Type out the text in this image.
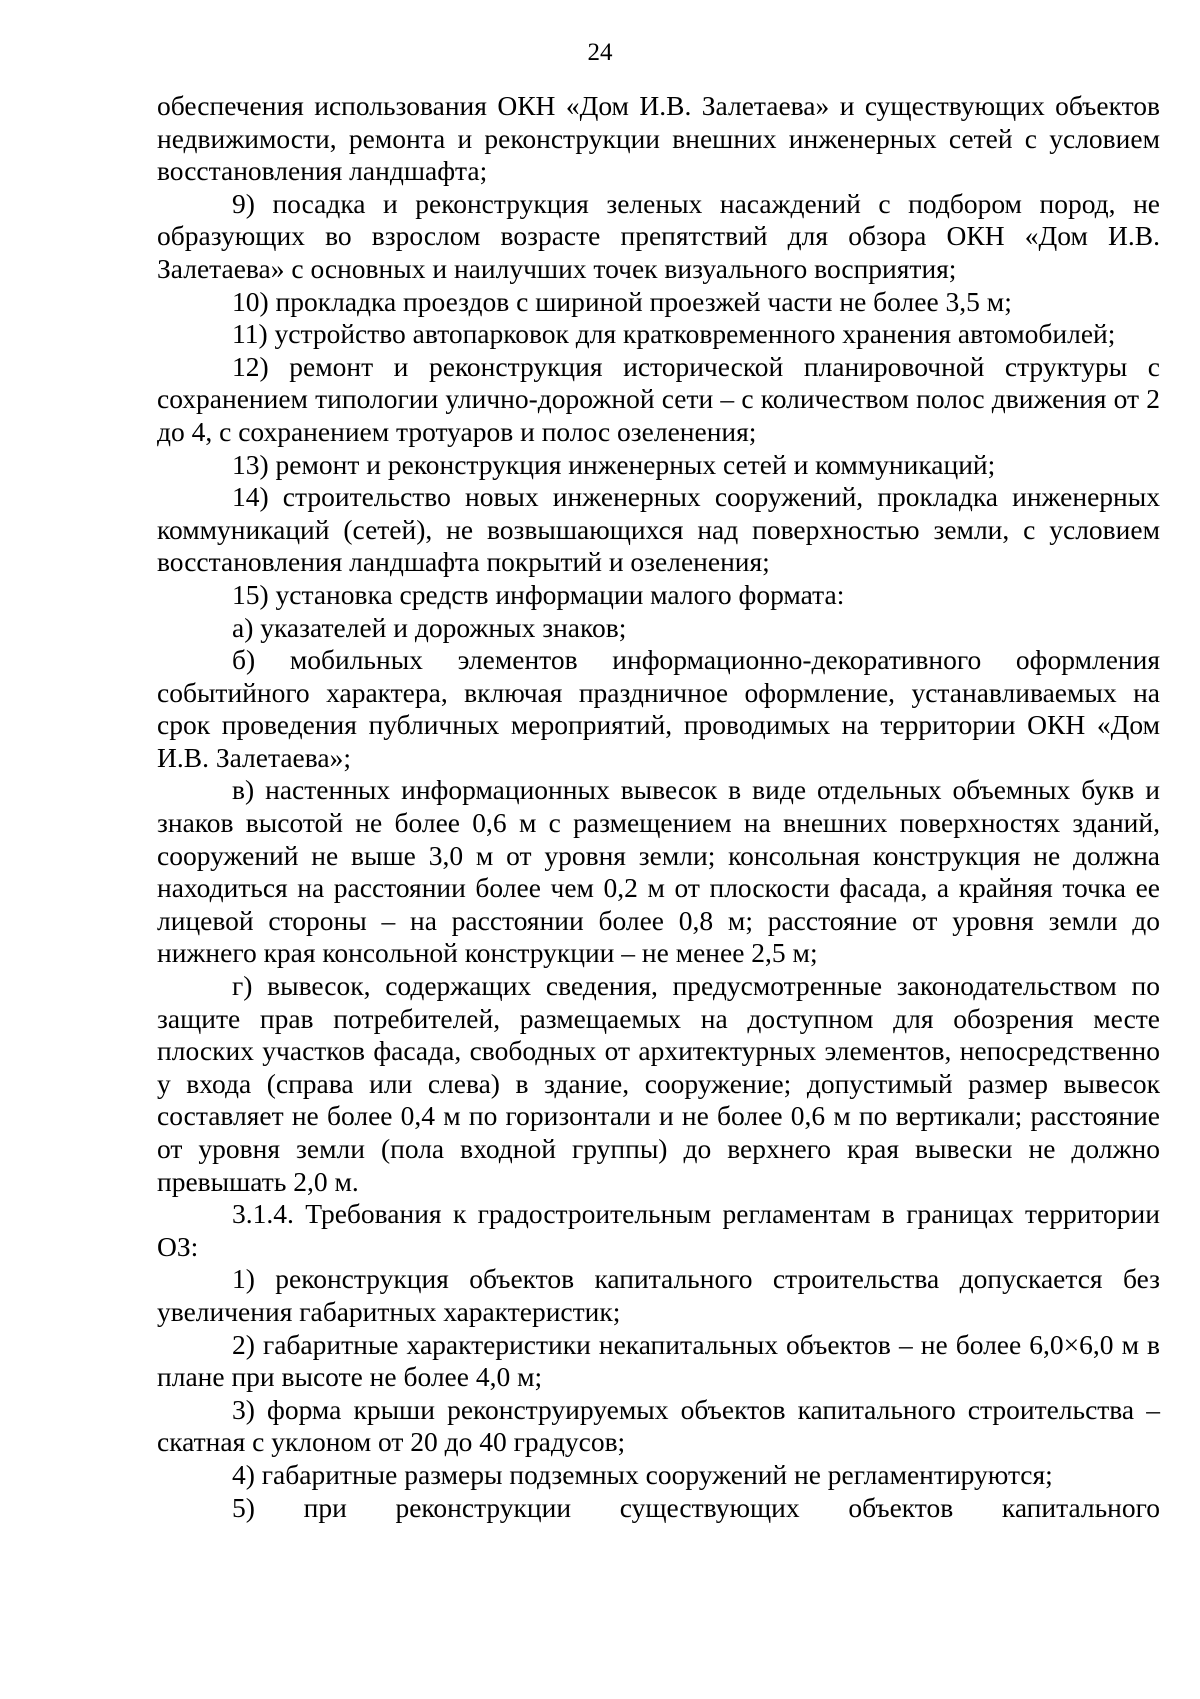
24

обеспечения использования ОКН «Дом И.В. Залетаева» и существующих объектов недвижимости, ремонта и реконструкции внешних инженерных сетей с условием восстановления ландшафта;

9) посадка и реконструкция зеленых насаждений с подбором пород, не образующих во взрослом возрасте препятствий для обзора ОКН «Дом И.В. Залетаева» с основных и наилучших точек визуального восприятия;

10) прокладка проездов с шириной проезжей части не более 3,5 м;

11) устройство автопарковок для кратковременного хранения автомобилей;

12) ремонт и реконструкция исторической планировочной структуры с сохранением типологии улично-дорожной сети – с количеством полос движения от 2 до 4, с сохранением тротуаров и полос озеленения;

13) ремонт и реконструкция инженерных сетей и коммуникаций;

14) строительство новых инженерных сооружений, прокладка инженерных коммуникаций (сетей), не возвышающихся над поверхностью земли, с условием восстановления ландшафта покрытий и озеленения;

15) установка средств информации малого формата:

а) указателей и дорожных знаков;

б) мобильных элементов информационно-декоративного оформления событийного характера, включая праздничное оформление, устанавливаемых на срок проведения публичных мероприятий, проводимых на территории ОКН «Дом И.В. Залетаева»;

в) настенных информационных вывесок в виде отдельных объемных букв и знаков высотой не более 0,6 м с размещением на внешних поверхностях зданий, сооружений не выше 3,0 м от уровня земли; консольная конструкция не должна находиться на расстоянии более чем 0,2 м от плоскости фасада, а крайняя точка ее лицевой стороны – на расстоянии более 0,8 м; расстояние от уровня земли до нижнего края консольной конструкции – не менее 2,5 м;

г) вывесок, содержащих сведения, предусмотренные законодательством по защите прав потребителей, размещаемых на доступном для обозрения месте плоских участков фасада, свободных от архитектурных элементов, непосредственно у входа (справа или слева) в здание, сооружение; допустимый размер вывесок составляет не более 0,4 м по горизонтали и не более 0,6 м по вертикали; расстояние от уровня земли (пола входной группы) до верхнего края вывески не должно превышать 2,0 м.

3.1.4. Требования к градостроительным регламентам в границах территории ОЗ:

1) реконструкция объектов капитального строительства допускается без увеличения габаритных характеристик;

2) габаритные характеристики некапитальных объектов – не более 6,0×6,0 м в плане при высоте не более 4,0 м;

3) форма крыши реконструируемых объектов капитального строительства – скатная с уклоном от 20 до 40 градусов;

4) габаритные размеры подземных сооружений не регламентируются;

5) при реконструкции существующих объектов капитального
